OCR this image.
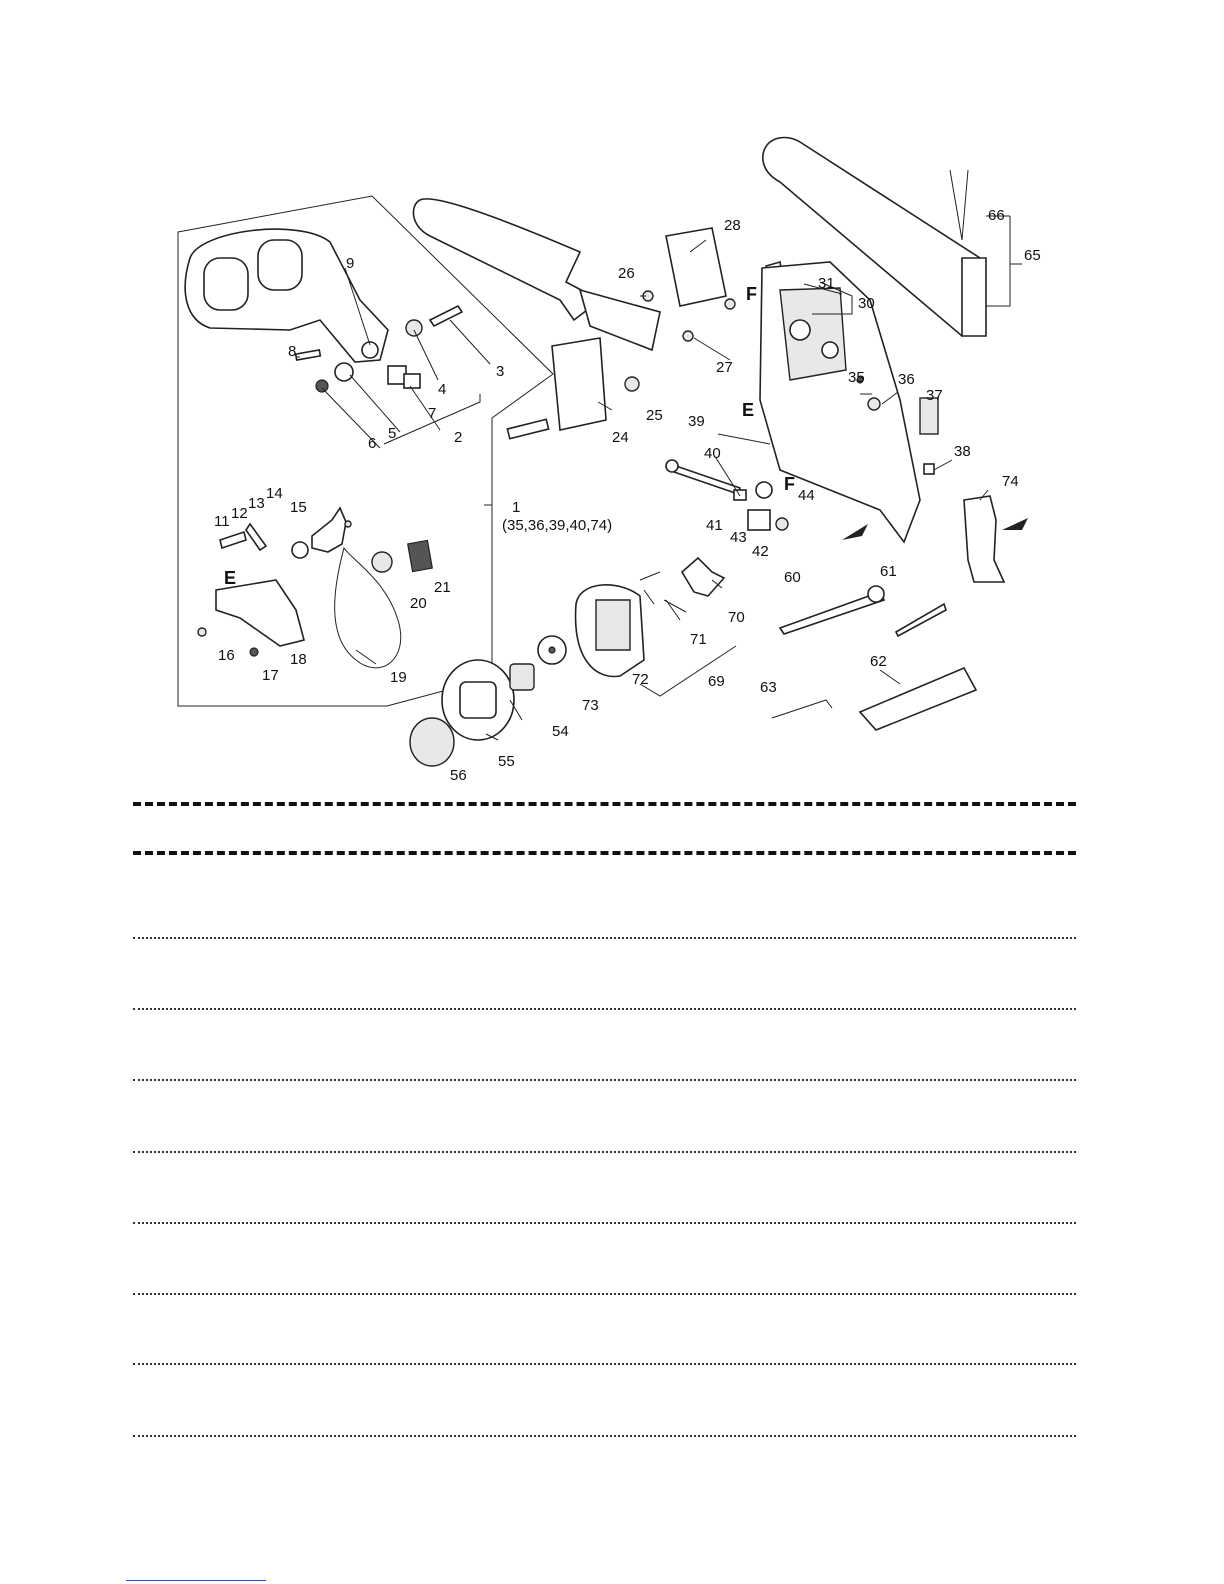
1
(35,36,39,40,74)
2
3
4
5
6
7
8
9
11 12
13
14
15
16
17
18
19
20
21
24
25
26
27
28
30
31
35 36
37
38
39
40
41
42
43
44
54
55
56
60	61
62
63
65
66
69
70
71
72
73
74
E
E
F
F
